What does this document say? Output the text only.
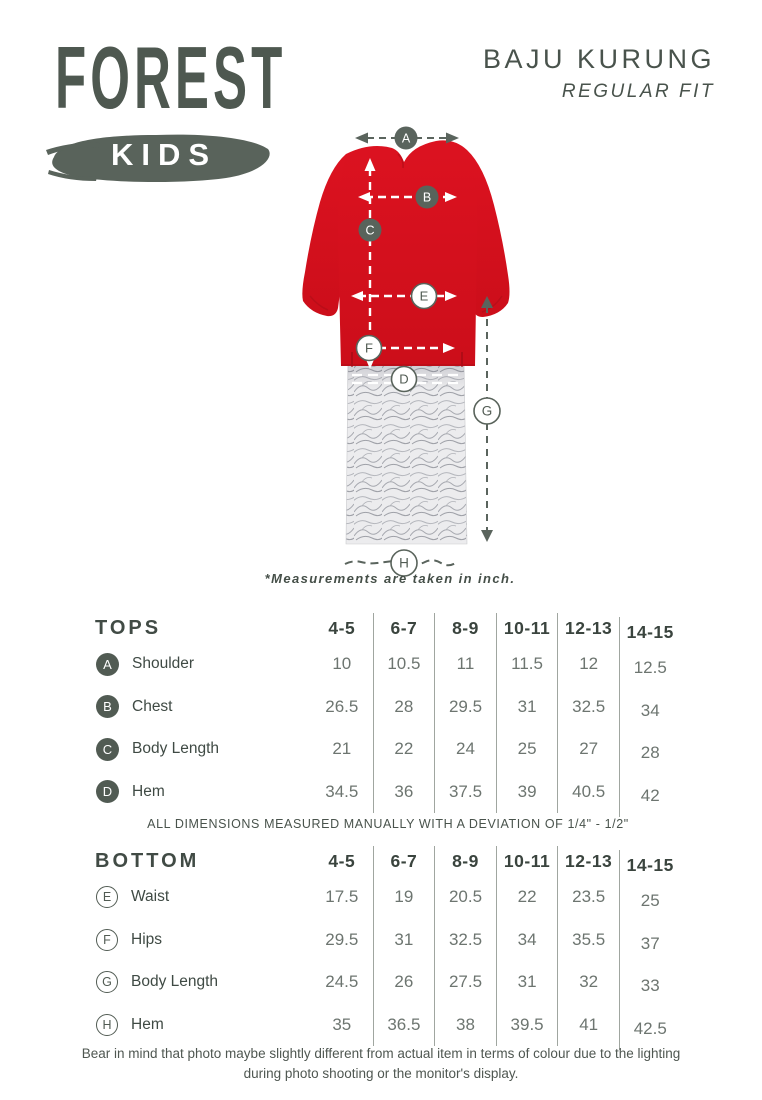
FOREST
KIDS
BAJU KURUNG
REGULAR FIT
A
B
C
E
F
D
G
H
*Measurements are taken in inch.
TOPS	4-5	6-7	8-9	10-11 12-13 14-15
A	Shoulder	10	10.5	11	11.5	12	12.5
B	Chest	26.5	28	29.5	31	32.5	34
C	Body Length	21	22	24	25	27	28
D	Hem	34.5	36	37.5	39	40.5	42
ALL DIMENSIONS MEASURED MANUALLY WITH A DEVIATION OF 1/4" - 1/2"
BOTTOM	4-5	6-7	8-9	10-11 12-13 14-15
E	Waist	17.5	19	20.5	22	23.5	25
F	Hips	29.5	31	32.5	34	35.5	37
G	Body Length	24.5	26	27.5	31	32	33
H	Hem	35	36.5	38	39.5	41	42.5
Bear in mind that photo maybe slightly different from actual item in terms of colour due to the lighting
during photo shooting or the monitor's display.
